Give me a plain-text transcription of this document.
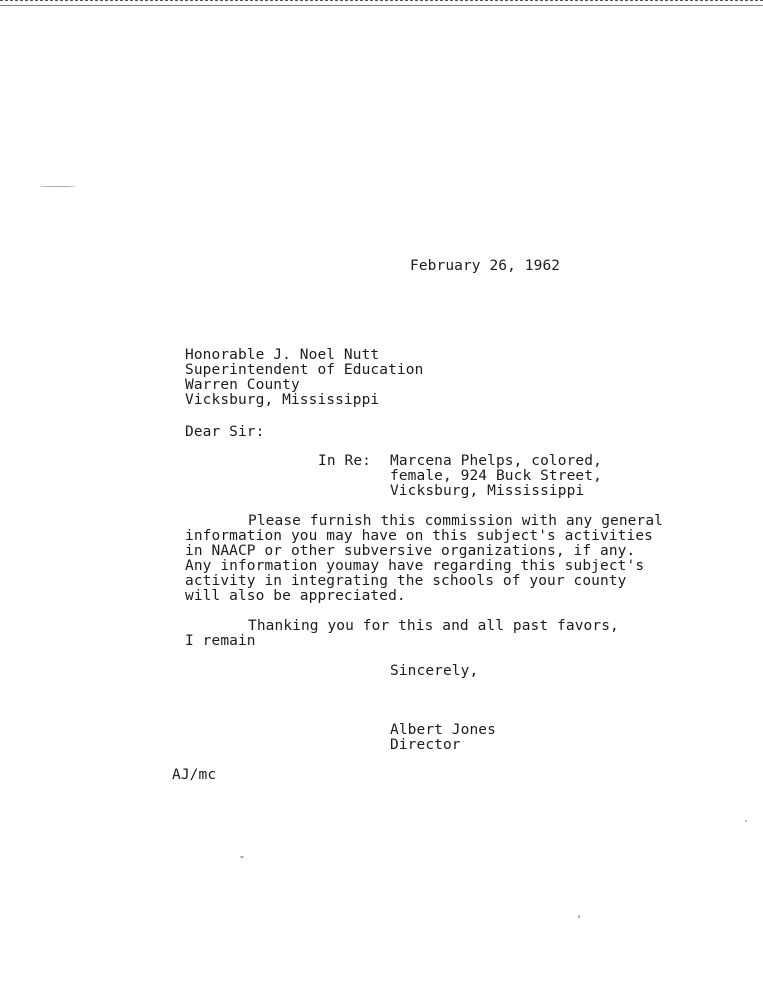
February 26, 1962
Honorable J. Noel Nutt
Superintendent of Education
Warren County
Vicksburg, Mississippi
Dear Sir:
In Re: Marcena Phelps, colored,
female, 924 Buck Street,
Vicksburg, Mississippi
Please furnish this commission with any general
information you may have on this subject's activities
in NAACP or other subversive organizations, if any.
Any information youmay have regarding this subject's
activity in integrating the schools of your county
will also be appreciated.
Thanking you for this and all past favors,
I remain
Sincerely,
Albert Jones
Director
AJ/mc
